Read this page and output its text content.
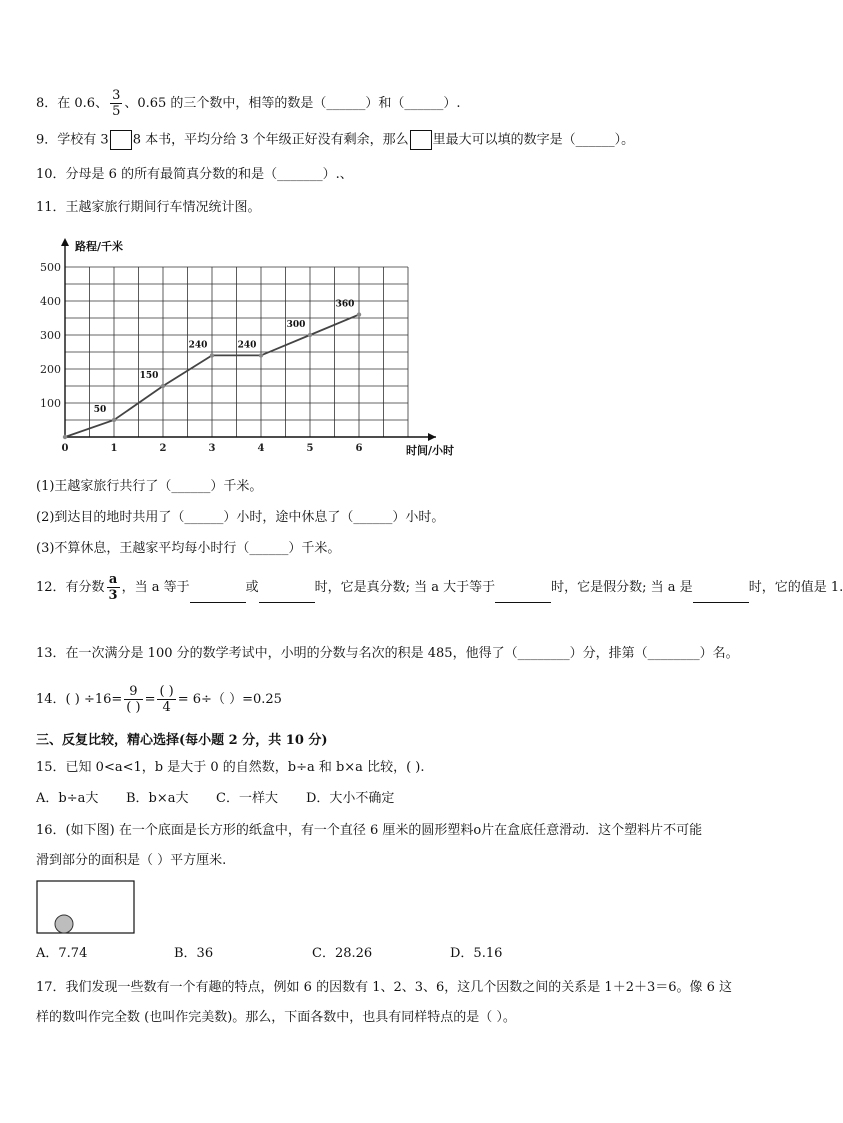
8．在 0.6、 $\frac{3}{5}$ 、0.65 的三个数中，相等的数是（______）和（______）.
9．学校有 3 8 本书，平均分给 3 个年级正好没有剩余，那么 里最大可以填的数字是（______）。
10．分母是 6 的所有最简真分数的和是（_______）.、
11．王越家旅行期间行车情况统计图。
路程/千米
时间/小时
100
200
300
400
500
0	1	2	3	4	5	6
50
150
240	240
300
360
(1)王越家旅行共行了（______）千米。
(2)到达目的地时共用了（______）小时，途中休息了（______）小时。
(3)不算休息，王越家平均每小时行（______）千米。
12．有分数 $\frac{a}{3}$ ，当 a 等于	或	时，它是真分数; 当 a 大于等于	时，它是假分数; 当 a 是	时，它的值是 1.
13．在一次满分是 100 分的数学考试中，小明的分数与名次的积是 485，他得了（________）分，排第（________）名。
14．( ) $\div 16= \frac{9}{( )} = \frac{( )}{4} = 6\div$（ ）=0.25
三、反复比较，精心选择(每小题 2 分，共 10 分)
15．已知 0<a<1，b 是大于 0 的自然数，b÷a 和 b×a 比较，( ).
A．b÷a大 B．b×a大 C．一样大 D．大小不确定
16．(如下图) 在一个底面是长方形的纸盒中，有一个直径 6 厘米的圆形塑料o片在盒底任意滑动．这个塑料片不可能
滑到部分的面积是（ ）平方厘米.
A．7.74	B．36	C．28.26	D．5.16
17．我们发现一些数有一个有趣的特点，例如 6 的因数有 1、2、3、6，这几个因数之间的关系是 1＋2＋3＝6。像 6 这
样的数叫作完全数 (也叫作完美数)。那么，下面各数中，也具有同样特点的是（ ）。
